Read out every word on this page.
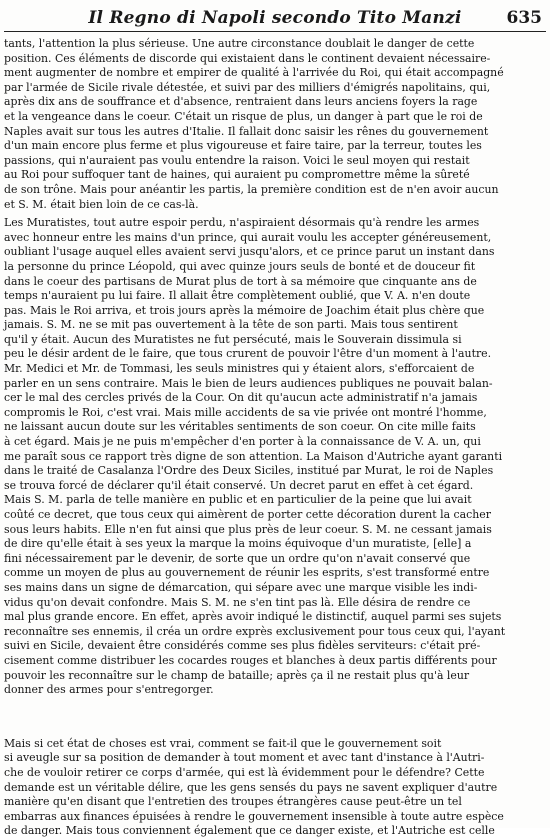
Il Regno di Napoli secondo Tito Manzi	635

tants, l'attention la plus sérieuse. Une autre circonstance doublait le danger de cette
position. Ces éléments de discorde qui existaient dans le continent devaient nécessaire-
ment augmenter de nombre et empirer de qualité à l'arrivée du Roi, qui était accompagné
par l'armée de Sicile rivale détestée, et suivi par des milliers d'émigrés napolitains, qui,
après dix ans de souffrance et d'absence, rentraient dans leurs anciens foyers la rage
et la vengeance dans le coeur. C'était un risque de plus, un danger à part que le roi de
Naples avait sur tous les autres d'Italie. Il fallait donc saisir les rênes du gouvernement
d'un main encore plus ferme et plus vigoureuse et faire taire, par la terreur, toutes les
passions, qui n'auraient pas voulu entendre la raison. Voici le seul moyen qui restait
au Roi pour suffoquer tant de haines, qui auraient pu compromettre même la sûreté
de son trône. Mais pour anéantir les partis, la première condition est de n'en avoir aucun
et S. M. était bien loin de ce cas-là.

Les Muratistes, tout autre espoir perdu, n'aspiraient désormais qu'à rendre les armes
avec honneur entre les mains d'un prince, qui aurait voulu les accepter généreusement,
oubliant l'usage auquel elles avaient servi jusqu'alors, et ce prince parut un instant dans
la personne du prince Léopold, qui avec quinze jours seuls de bonté et de douceur fit
dans le coeur des partisans de Murat plus de tort à sa mémoire que cinquante ans de
temps n'auraient pu lui faire. Il allait être complètement oublié, que V. A. n'en doute
pas. Mais le Roi arriva, et trois jours après la mémoire de Joachim était plus chère que
jamais. S. M. ne se mit pas ouvertement à la tête de son parti. Mais tous sentirent
qu'il y était. Aucun des Muratistes ne fut persécuté, mais le Souverain dissimula si
peu le désir ardent de le faire, que tous crurent de pouvoir l'être d'un moment à l'autre.
Mr. Medici et Mr. de Tommasi, les seuls ministres qui y étaient alors, s'efforcaient de
parler en un sens contraire. Mais le bien de leurs audiences publiques ne pouvait balan-
cer le mal des cercles privés de la Cour. On dit qu'aucun acte administratif n'a jamais
compromis le Roi, c'est vrai. Mais mille accidents de sa vie privée ont montré l'homme,
ne laissant aucun doute sur les véritables sentiments de son coeur. On cite mille faits
à cet égard. Mais je ne puis m'empêcher d'en porter à la connaissance de V. A. un, qui
me paraît sous ce rapport très digne de son attention. La Maison d'Autriche ayant garanti
dans le traité de Casalanza l'Ordre des Deux Siciles, institué par Murat, le roi de Naples
se trouva forcé de déclarer qu'il était conservé. Un decret parut en effet à cet égard.
Mais S. M. parla de telle manière en public et en particulier de la peine que lui avait
coûté ce decret, que tous ceux qui aimèrent de porter cette décoration durent la cacher
sous leurs habits. Elle n'en fut ainsi que plus près de leur coeur. S. M. ne cessant jamais
de dire qu'elle était à ses yeux la marque la moins équivoque d'un muratiste, [elle] a
fini nécessairement par le devenir, de sorte que un ordre qu'on n'avait conservé que
comme un moyen de plus au gouvernement de réunir les esprits, s'est transformé entre
ses mains dans un signe de démarcation, qui sépare avec une marque visible les indi-
vidus qu'on devait confondre. Mais S. M. ne s'en tint pas là. Elle désira de rendre ce
mal plus grande encore. En effet, après avoir indiqué le distinctif, auquel parmi ses sujets
reconnaître ses ennemis, il créa un ordre exprès exclusivement pour tous ceux qui, l'ayant
suivi en Sicile, devaient être considérés comme ses plus fidèles serviteurs: c'était pré-
cisement comme distribuer les cocardes rouges et blanches à deux partis différents pour
pouvoir les reconnaître sur le champ de bataille; après ça il ne restait plus qu'à leur
donner des armes pour s'entregorger.

Mais si cet état de choses est vrai, comment se fait-il que le gouvernement soit
si aveugle sur sa position de demander à tout moment et avec tant d'instance à l'Autri-
che de vouloir retirer ce corps d'armée, qui est là évidemment pour le défendre? Cette
demande est un véritable délire, que les gens sensés du pays ne savent expliquer d'autre
manière qu'en disant que l'entretien des troupes étrangères cause peut-être un tel
embarras aux finances épuisées à rendre le gouvernement insensible à toute autre espèce
de danger. Mais tous conviennent également que ce danger existe, et l'Autriche est celle
